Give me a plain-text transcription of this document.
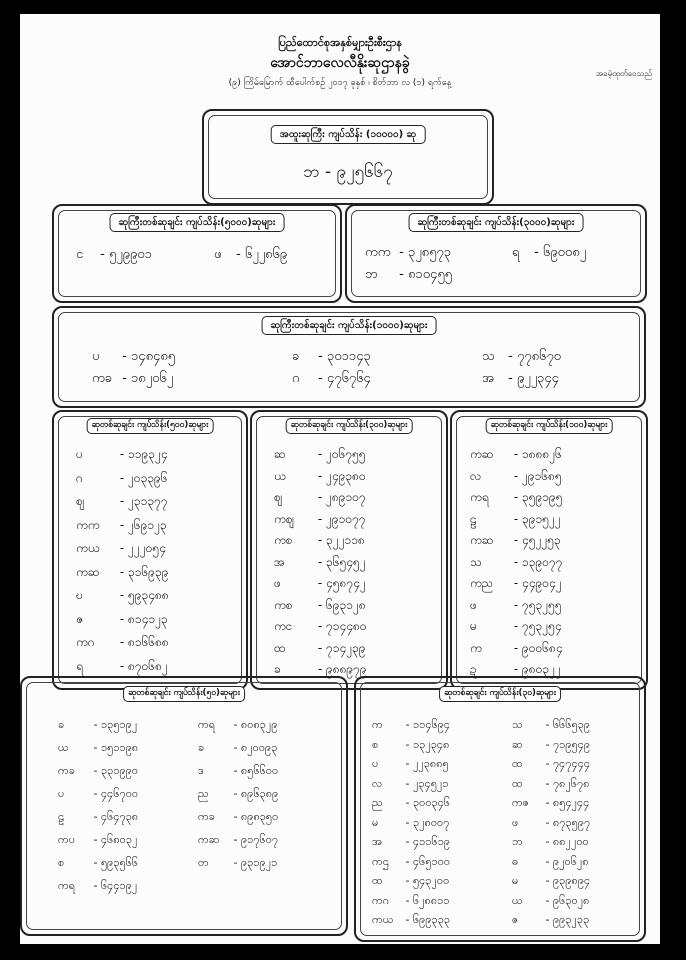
ပြည်ထောင်စုအနှစ်မျှားဦးစီးဌာန
အောင်ဘာလေလီနိုးဆုဌာနခွဲ
(၉) ကြိမ်မြောက် ထီပေါက်စဉ် ၂၀၁၇ ခုနှစ် ၊ စိတ်ဘာ လ (၁) ရက်နေ့
အခမဲ့ထုတ်ဝေသည်
အထူးဆုကြီး ကျပ်သိန်း (၁၀၀၀၀) ဆု
ဘ - ၉၂၅၆၆၇
ဆုကြီးတစ်ဆုချင်း ကျပ်သိန်း(၅၀၀၀)ဆုများ
င - ၅၂၉၉၀၁	ဖ - ၆၂၂၈၆၉
ဆုကြီးတစ်ဆုချင်း ကျပ်သိန်း(၃၀၀၀)ဆုများ
ကက - ၃၂၈၅၇၃	ရ - ၆၉၀၀၈၂
ဘ - ၈၁၀၄၅၅
ဆုကြီးတစ်ဆုချင်း ကျပ်သိန်း(၁၀၀၀)ဆုများ
ပ - ၁၄၈၄၈၅	ခ - ၃၀၁၁၄၃	သ - ၇၇၈၆၇၀
ကခ - ၁၈၂၀၆၂	ဂ - ၄၇၆၇၆၄	အ - ၉၂၂၃၄၄
ဆုတစ်ဆုချင်း ကျပ်သိန်း(၅၀၀)ဆုများ
ပ	- ၁၁၉၃၂၄
ဂ	- ၂၀၃၃၉၆
ဈ	- ၂၃၁၃၇၇
ကက - ၂၆၉၁၂၃
ကယ - ၂၂၂၀၅၄
ကဆ - ၃၁၆၉၃၉
ဎ	- ၅၉၃၄၈၈
ဇ	- ၈၁၄၁၂၃
ကဂ - ၈၁၆၆၈၈
ရ	- ၈၇၀၆၈၂
ဆုတစ်ဆုချင်း ကျပ်သိန်း(၃၀၀)ဆုများ
ဆ - ၂၀၆၇၅၅
ယ - ၂၄၉၃၈၀
ဈ	- ၂၈၉၁၀၇
ကဈ - ၂၉၁၀၇၇
ကစ - ၃၂၂၁၁၈
အ - ၃၆၅၄၅၂
ဖ	- ၄၅၈၇၄၂
ကစ - ၆၉၃၁၂၈
ကင - ၇၁၄၄၈၀
ထ - ၇၁၄၂၃၉
ခ	- ၉၈၈၉၇၉
ဆုတစ်ဆုချင်း ကျပ်သိန်း(၁၀၀)ဆုများ
ကဆ - ၁၈၈၈၂၆
လ - ၂၉၁၆၈၅
ကရ - ၃၅၉၁၉၅
ဠ	- ၃၉၁၅၂၂
ကဆ - ၄၅၂၂၅၃
သ - ၁၃၉၀၇၇
ကည - ၄၄၉၀၄၂
ဖ	- ၇၅၃၂၅၅
မ	- ၇၅၃၂၅၄
က - ၉၀၀၆၈၄
ဍ	- ၉၈၀၃၂၂
ဆုတစ်ဆုချင်း ကျပ်သိန်း(၅၀)ဆုများ
ခ - ၁၃၅၁၉၂	ကရ - ၈၀၈၃၂၉
ယ - ၁၅၁၁၉၈	ခ - ၈၂၀၀၉၃
ကခ - ၃၃၁၉၉၀	ဒ - ၈၅၆၆၀၀
ပ - ၄၄၆၇၀၀	ည - ၈၉၆၃၈၉
ဠ - ၄၆၄၇၃၈	ကခ - ၈၉၈၃၅၀
ကပ - ၄၆၈၀၃၂	ကဆ - ၉၁၇၆၀၇
စ - ၅၉၃၅၆၆	တ - ၉၃၁၉၂၁
ကရ - ၆၄၄၁၉၂
ဆုတစ်ဆုချင်း ကျပ်သိန်း(၃၀)ဆုများ
က - ၁၁၄၆၉၄	သ - ၆၆၆၅၃၉
စ - ၁၃၂၃၄၈	ဆ - ၇၁၉၅၄၉
ပ - ၂၂၃၈၈၅	ထ - ၇၄၇၄၄၄
လ - ၂၃၄၅၂၁	ထ - ၇၈၂၆၇၈
ည - ၃၀၀၃၄၆	ကဇ - ၈၅၄၂၄၄
မ - ၃၂၈၀၀၇	ဖ - ၈၇၃၅၉၇
အ - ၄၁၁၆၁၉	ဘ - ၈၈၂၂၀၀
ကဌ - ၄၆၅၁၀၀	ဓ - ၉၂၀၆၂၈
ထ - ၅၄၃၂၀၀	မ - ၉၃၉၈၉၄
ကဂ - ၆၂၈၈၁၁	ယ - ၉၆၃၀၂၈
ကယ - ၆၉၉၃၃၃	ဇ - ၉၉၃၂၃၃
